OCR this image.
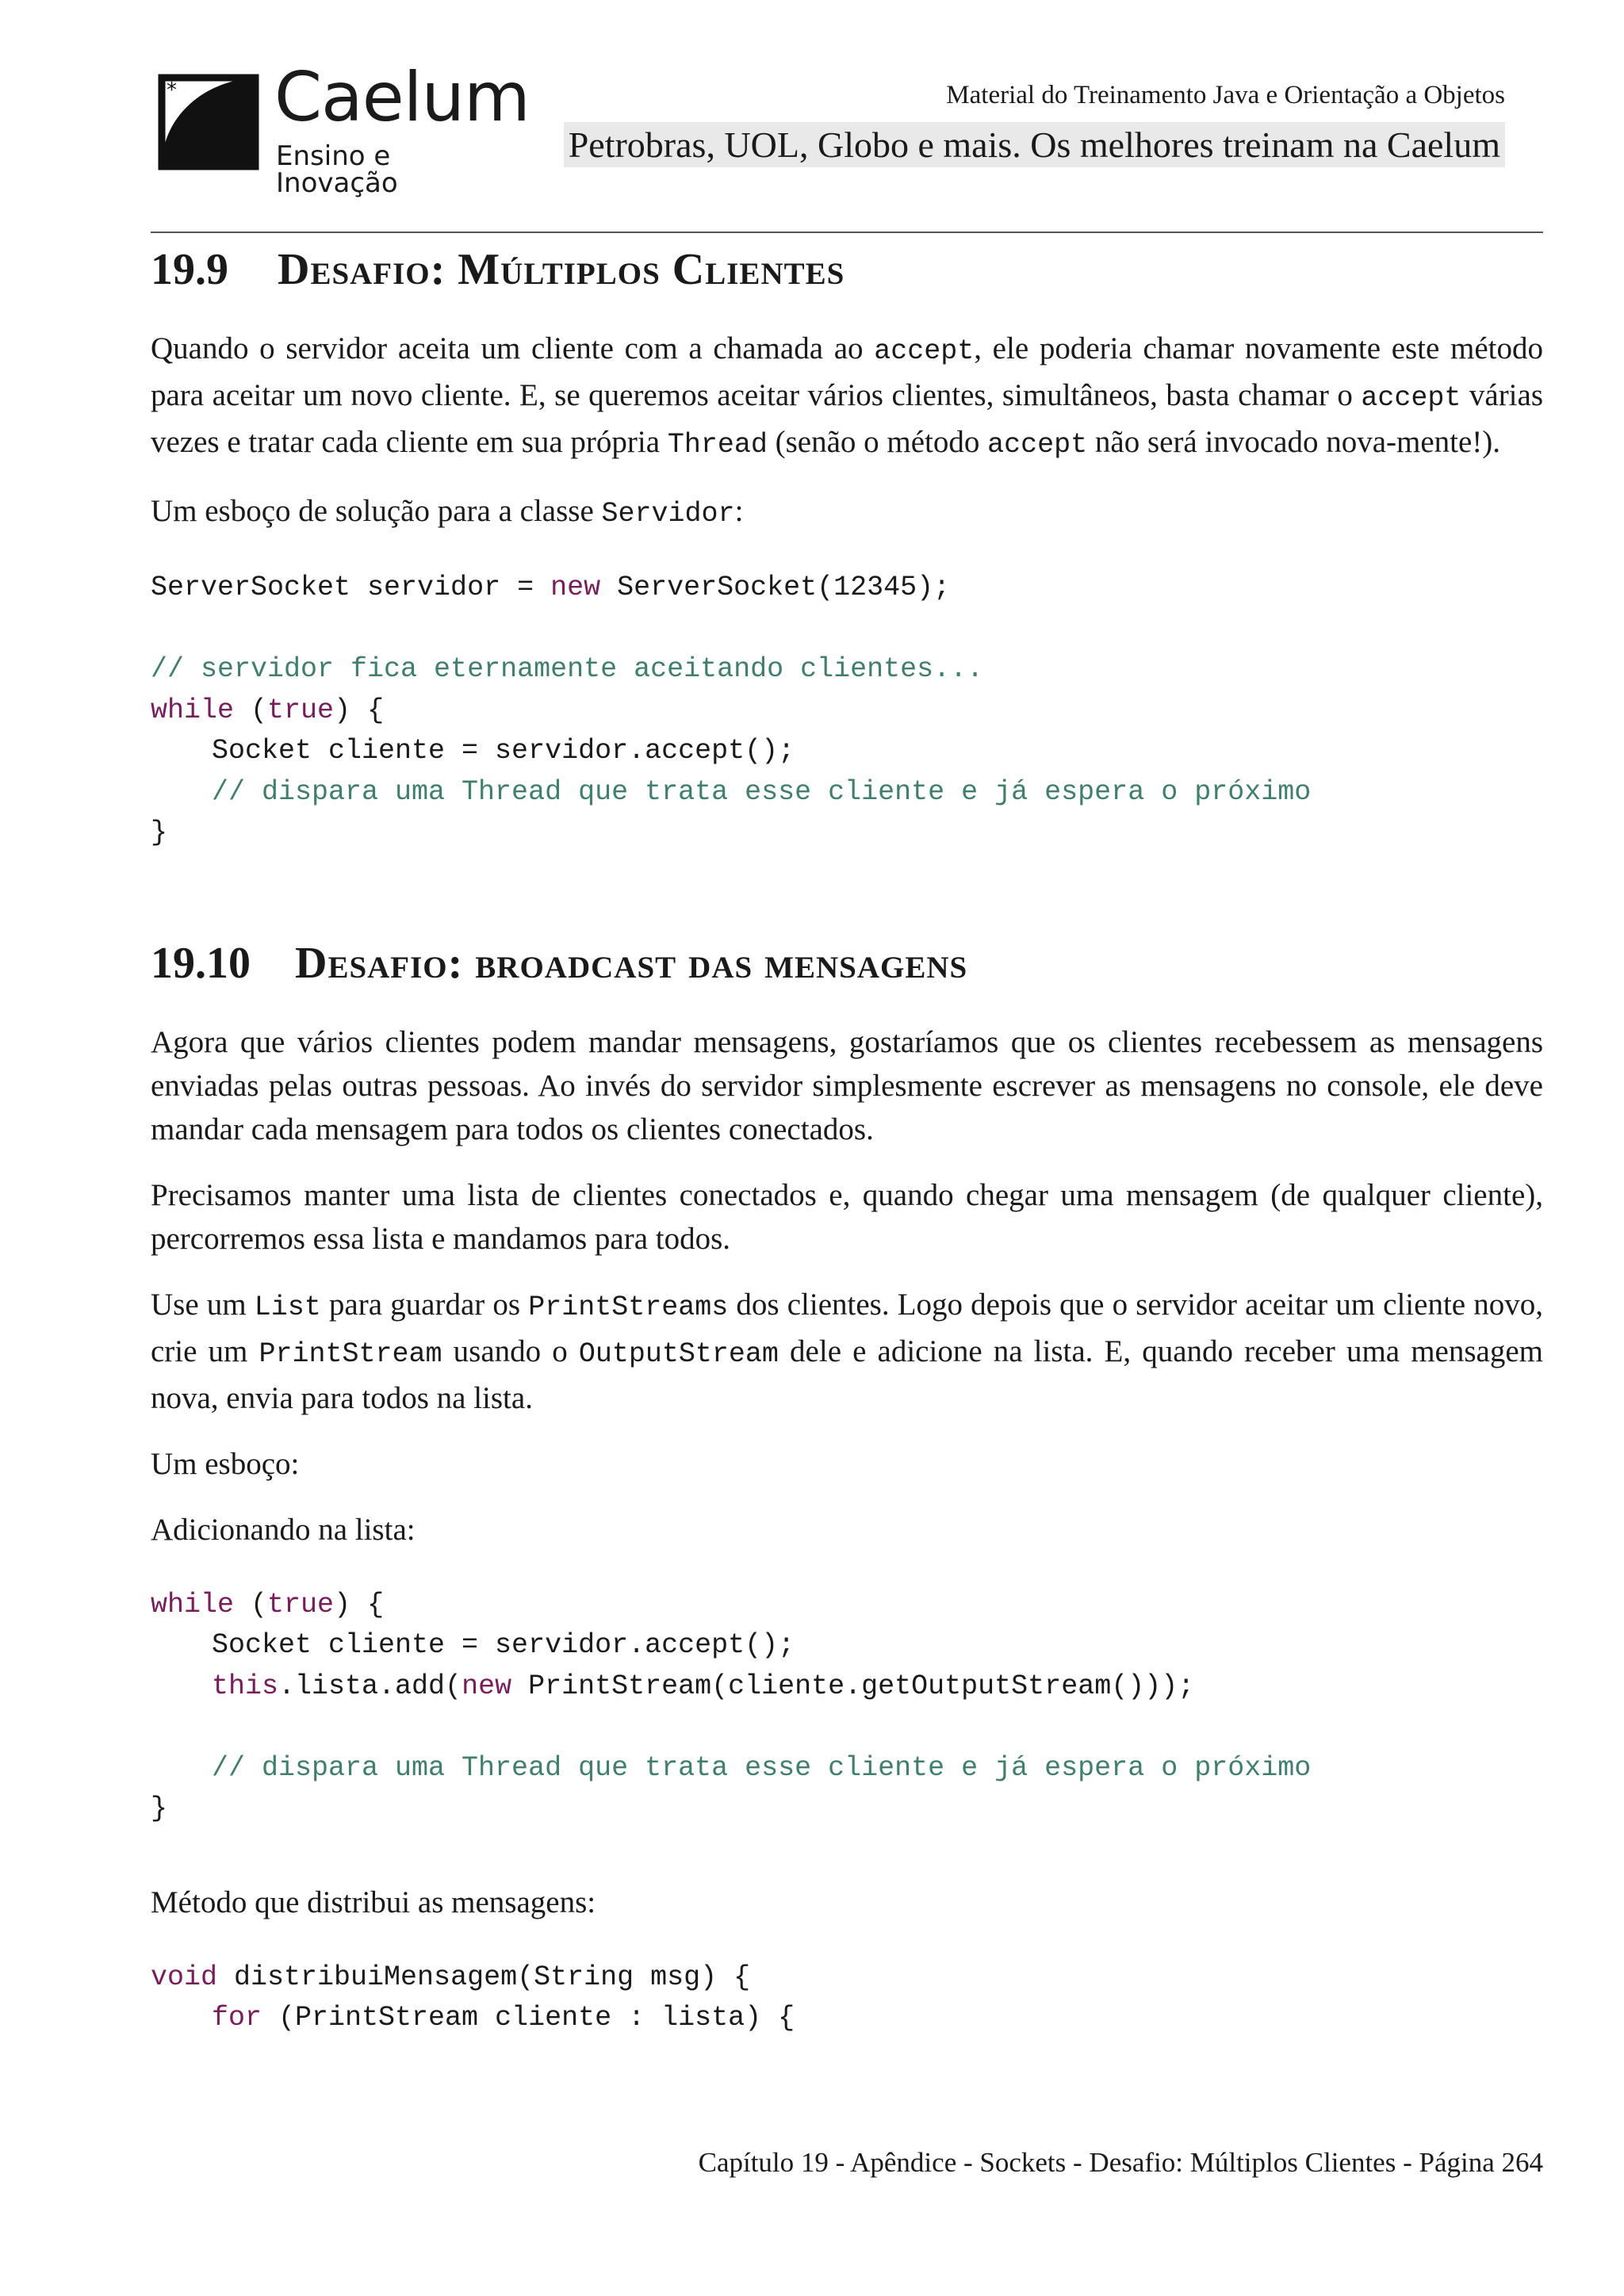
* Caelum
Ensino e Inovação
Material do Treinamento Java e Orientação a Objetos
Petrobras, UOL, Globo e mais. Os melhores treinam na Caelum
19.9 Desafio: Múltiplos Clientes

Quando o servidor aceita um cliente com a chamada ao accept, ele poderia chamar novamente este método para aceitar um novo cliente. E, se queremos aceitar vários clientes, simultâneos, basta chamar o accept várias vezes e tratar cada cliente em sua própria Thread (senão o método accept não será invocado nova-mente!).

Um esboço de solução para a classe Servidor:

ServerSocket servidor = new ServerSocket(12345);

// servidor fica eternamente aceitando clientes...
while (true) {
Socket cliente = servidor.accept();
// dispara uma Thread que trata esse cliente e já espera o próximo
}
19.10 Desafio: broadcast das mensagens

Agora que vários clientes podem mandar mensagens, gostaríamos que os clientes recebessem as mensagens enviadas pelas outras pessoas. Ao invés do servidor simplesmente escrever as mensagens no console, ele deve mandar cada mensagem para todos os clientes conectados.

Precisamos manter uma lista de clientes conectados e, quando chegar uma mensagem (de qualquer cliente), percorremos essa lista e mandamos para todos.

Use um List para guardar os PrintStreams dos clientes. Logo depois que o servidor aceitar um cliente novo, crie um PrintStream usando o OutputStream dele e adicione na lista. E, quando receber uma mensagem nova, envia para todos na lista.

Um esboço:

Adicionando na lista:

while (true) {
Socket cliente = servidor.accept();
this.lista.add(new PrintStream(cliente.getOutputStream()));

// dispara uma Thread que trata esse cliente e já espera o próximo
}

Método que distribui as mensagens:

void distribuiMensagem(String msg) {
for (PrintStream cliente : lista) {
Capítulo 19 - Apêndice - Sockets - Desafio: Múltiplos Clientes - Página 264
